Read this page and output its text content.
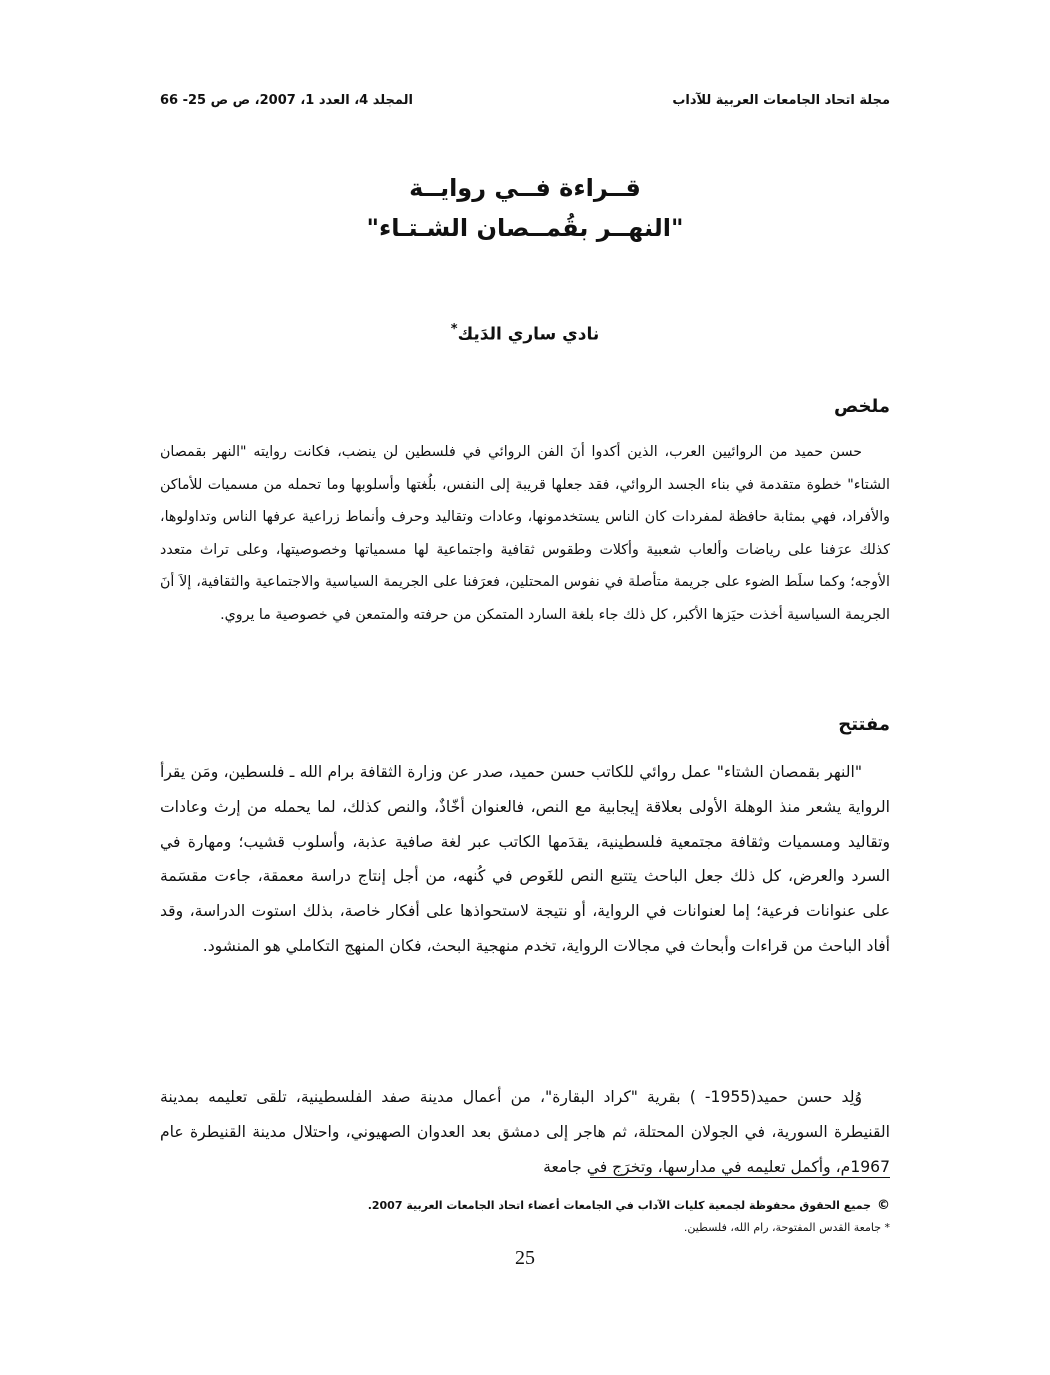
مجلة اتحاد الجامعات العربية للآداب
المجلد 4، العدد 1، 2007، ص ص 25- 66
قــراءة فــي روايــة
"النهــر بقُمــصان الشـتـاء"
نادي ساري الدَيك*
ملخص

حسن حميد من الروائيين العرب، الذين أكدوا أنَ الفن الروائي في فلسطين لن ينضب، فكانت روايته "النهر بقمصان الشتاء" خطوة متقدمة في بناء الجسد الروائي، فقد جعلها قريبة إلى النفس، بلُغتها وأسلوبها وما تحمله من مسميات للأماكن والأفراد، فهي بمثابة حافظة لمفردات كان الناس يستخدمونها، وعادات وتقاليد وحرف وأنماط زراعية عرفها الناس وتداولوها، كذلك عرَفنا على رياضات وألعاب شعبية وأكلات وطقوس ثقافية واجتماعية لها مسمياتها وخصوصيتها، وعلى تراث متعدد الأوجه؛ وكما سلَط الضوء على جريمة متأصلة في نفوس المحتلين، فعرَفنا على الجريمة السياسية والاجتماعية والثقافية، إلاَ أنَ الجريمة السياسية أخذت حيَزها الأكبر، كل ذلك جاء بلغة السارد المتمكن من حرفته والمتمعن في خصوصية ما يروي.

مفتتح

"النهر بقمصان الشتاء" عمل روائي للكاتب حسن حميد، صدر عن وزارة الثقافة برام الله ـ فلسطين، ومَن يقرأ الرواية يشعر منذ الوهلة الأولى بعلاقة إيجابية مع النص، فالعنوان أخّاذٌ، والنص كذلك، لما يحمله من إرث وعادات وتقاليد ومسميات وثقافة مجتمعية فلسطينية، يقدَمها الكاتب عبر لغة صافية عذبة، وأسلوب قشيب؛ ومهارة في السرد والعرض، كل ذلك جعل الباحث يتتبع النص للغَوص في كُنهه، من أجل إنتاج دراسة معمقة، جاءت مقسَمة على عنوانات فرعية؛ إما لعنوانات في الرواية، أو نتيجة لاستحواذها على أفكار خاصة، بذلك استوت الدراسة، وقد أفاد الباحث من قراءات وأبحاث في مجالات الرواية، تخدم منهجية البحث، فكان المنهج التكاملي هو المنشود.

وُلِد حسن حميد(1955- ) بقرية "كراد البقارة"، من أعمال مدينة صفد الفلسطينية، تلقى تعليمه بمدينة القنيطرة السورية، في الجولان المحتلة، ثم هاجر إلى دمشق بعد العدوان الصهيوني، واحتلال مدينة القنيطرة عام 1967م، وأكمل تعليمه في مدارسها، وتخرَج في جامعة

©جميع الحقوق محفوظة لجمعية كليات الآداب في الجامعات أعضاء اتحاد الجامعات العربية 2007.
* جامعة القدس المفتوحة، رام الله، فلسطين.
25
